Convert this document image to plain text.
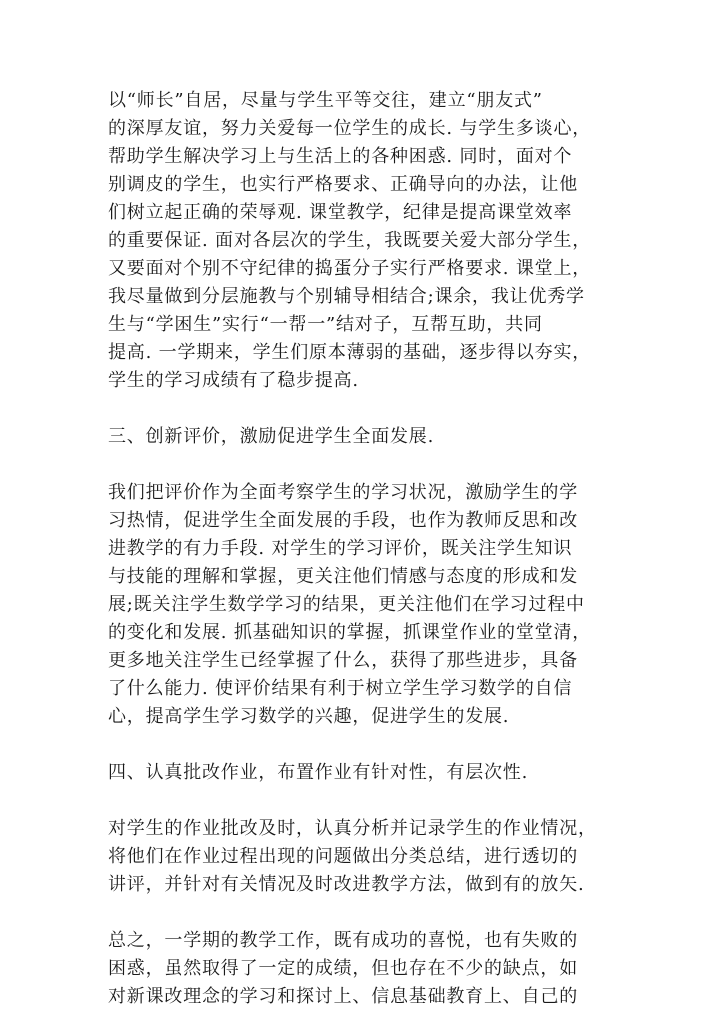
以“师长”自居，尽量与学生平等交往，建立“朋友式”
的深厚友谊，努力关爱每一位学生的成长. 与学生多谈心，
帮助学生解决学习上与生活上的各种困惑. 同时，面对个
别调皮的学生，也实行严格要求、正确导向的办法，让他
们树立起正确的荣辱观. 课堂教学，纪律是提高课堂效率
的重要保证. 面对各层次的学生，我既要关爱大部分学生，
又要面对个别不守纪律的捣蛋分子实行严格要求. 课堂上，
我尽量做到分层施教与个别辅导相结合;课余，我让优秀学
生与“学困生”实行“一帮一”结对子，互帮互助，共同
提高. 一学期来，学生们原本薄弱的基础，逐步得以夯实，
学生的学习成绩有了稳步提高.
三、创新评价，激励促进学生全面发展.
我们把评价作为全面考察学生的学习状况，激励学生的学
习热情，促进学生全面发展的手段，也作为教师反思和改
进教学的有力手段. 对学生的学习评价，既关注学生知识
与技能的理解和掌握，更关注他们情感与态度的形成和发
展;既关注学生数学学习的结果，更关注他们在学习过程中
的变化和发展. 抓基础知识的掌握，抓课堂作业的堂堂清，
更多地关注学生已经掌握了什么，获得了那些进步，具备
了什么能力. 使评价结果有利于树立学生学习数学的自信
心，提高学生学习数学的兴趣，促进学生的发展.
四、认真批改作业，布置作业有针对性，有层次性.
对学生的作业批改及时，认真分析并记录学生的作业情况，
将他们在作业过程出现的问题做出分类总结，进行透切的
讲评，并针对有关情况及时改进教学方法，做到有的放矢.
总之，一学期的教学工作，既有成功的喜悦，也有失败的
困惑，虽然取得了一定的成绩，但也存在不少的缺点，如
对新课改理念的学习和探讨上、信息基础教育上、自己的
